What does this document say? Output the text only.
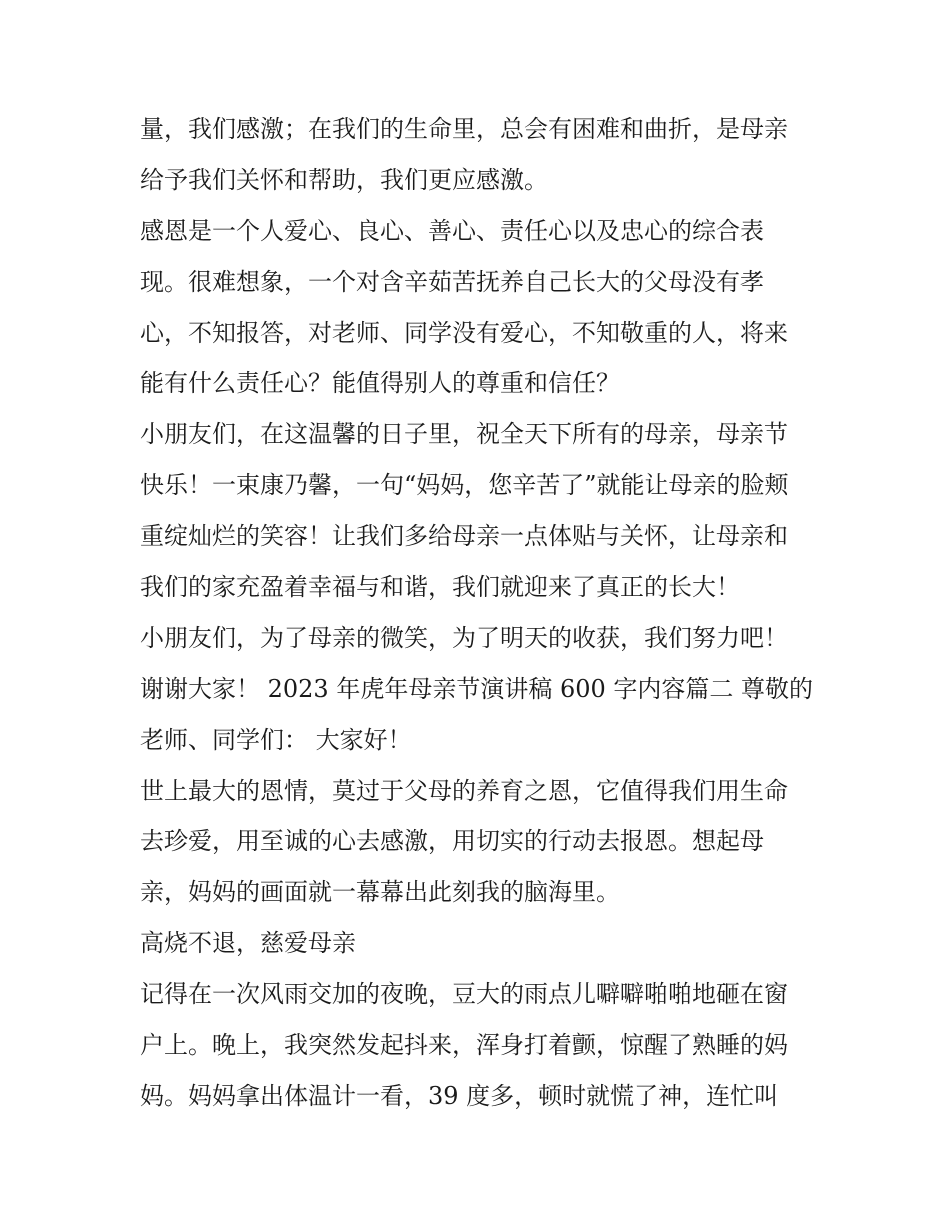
量，我们感激；在我们的生命里，总会有困难和曲折，是母亲
给予我们关怀和帮助，我们更应感激。
感恩是一个人爱心、良心、善心、责任心以及忠心的综合表
现。很难想象，一个对含辛茹苦抚养自己长大的父母没有孝
心，不知报答，对老师、同学没有爱心，不知敬重的人，将来
能有什么责任心？能值得别人的尊重和信任？
小朋友们，在这温馨的日子里，祝全天下所有的母亲，母亲节
快乐！一束康乃馨，一句“妈妈，您辛苦了”就能让母亲的脸颊
重绽灿烂的笑容！让我们多给母亲一点体贴与关怀，让母亲和
我们的家充盈着幸福与和谐，我们就迎来了真正的长大！
小朋友们，为了母亲的微笑，为了明天的收获，我们努力吧！
谢谢大家！ 2023 年虎年母亲节演讲稿 600 字内容篇二 尊敬的
老师、同学们： 大家好！
世上最大的恩情，莫过于父母的养育之恩，它值得我们用生命
去珍爱，用至诚的心去感激，用切实的行动去报恩。想起母
亲，妈妈的画面就一幕幕出此刻我的脑海里。
高烧不退，慈爱母亲
记得在一次风雨交加的夜晚，豆大的雨点儿噼噼啪啪地砸在窗
户上。晚上，我突然发起抖来，浑身打着颤，惊醒了熟睡的妈
妈。妈妈拿出体温计一看，39 度多，顿时就慌了神，连忙叫
